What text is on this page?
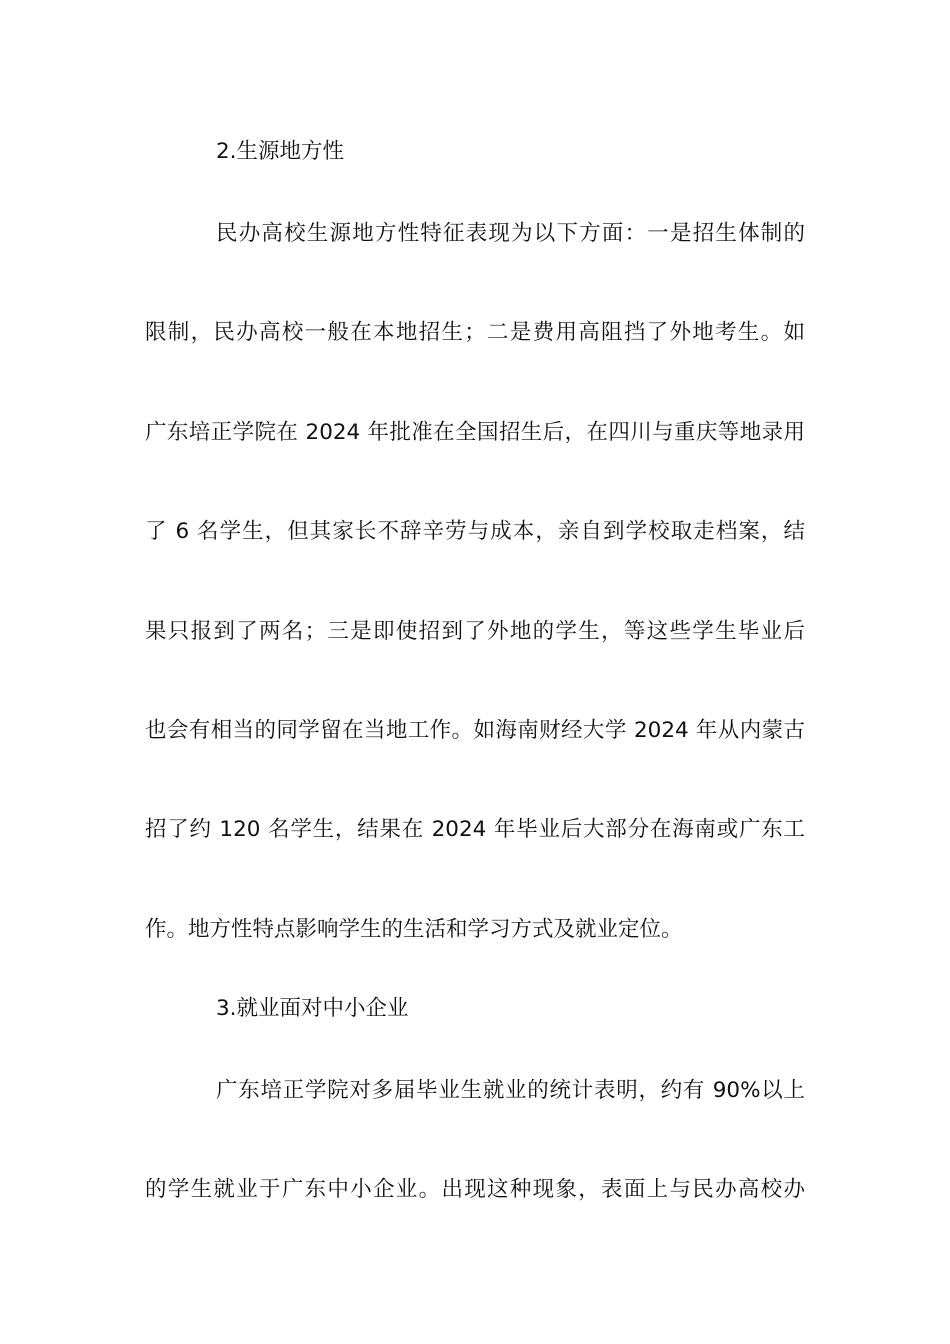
2.生源地方性
民办高校生源地方性特征表现为以下方面：一是招生体制的
限制，民办高校一般在本地招生；二是费用高阻挡了外地考生。如
广东培正学院在 2024 年批准在全国招生后，在四川与重庆等地录用
了 6 名学生，但其家长不辞辛劳与成本，亲自到学校取走档案，结
果只报到了两名；三是即使招到了外地的学生，等这些学生毕业后
也会有相当的同学留在当地工作。如海南财经大学 2024 年从内蒙古
招了约 120 名学生，结果在 2024 年毕业后大部分在海南或广东工
作。地方性特点影响学生的生活和学习方式及就业定位。
3.就业面对中小企业
广东培正学院对多届毕业生就业的统计表明，约有 90%以上
的学生就业于广东中小企业。出现这种现象，表面上与民办高校办
